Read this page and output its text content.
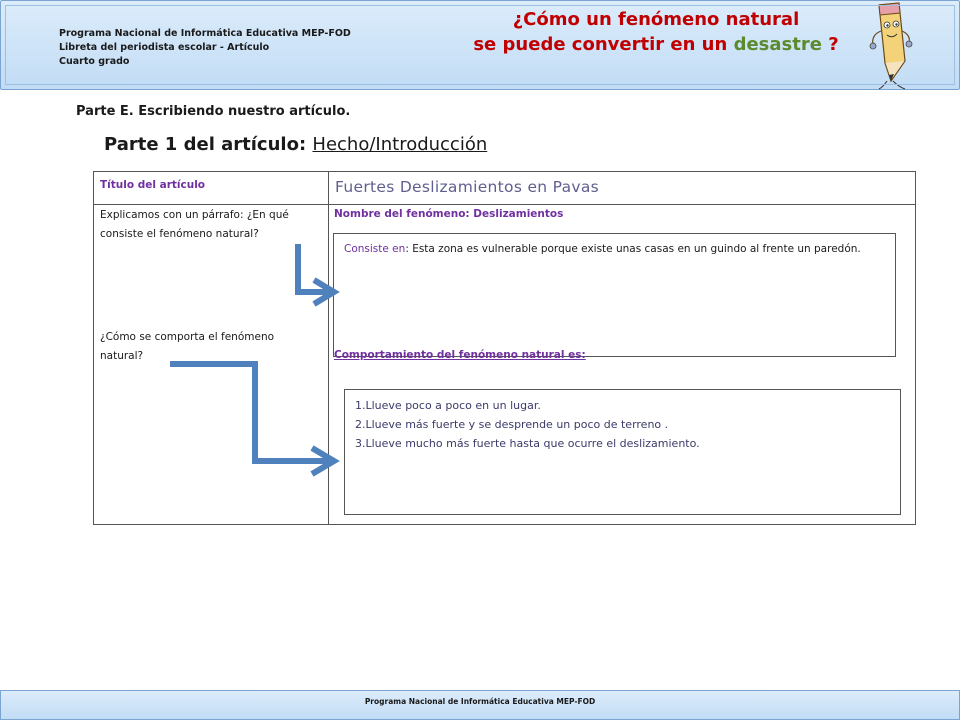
Programa Nacional de Informática Educativa MEP-FOD
Libreta del periodista escolar - Artículo
Cuarto grado
¿Cómo un fenómeno natural
se puede convertir en un desastre ?
Parte E. Escribiendo nuestro artículo.
Parte 1 del artículo: Hecho/Introducción
Título del artículo	Fuertes Deslizamientos en Pavas
Explicamos con un párrafo: ¿En qué consiste el fenómeno natural?
¿Cómo se comporta el fenómeno natural?
Nombre del fenómeno: Deslizamientos
Consiste en: Esta zona es vulnerable porque existe unas casas en un guindo al frente un paredón.
Comportamiento del fenómeno natural es:
1.Llueve poco a poco en un lugar.
2.Llueve más fuerte y se desprende un poco de terreno .
3.Llueve mucho más fuerte hasta que ocurre el deslizamiento.
Programa Nacional de Informática Educativa MEP-FOD
